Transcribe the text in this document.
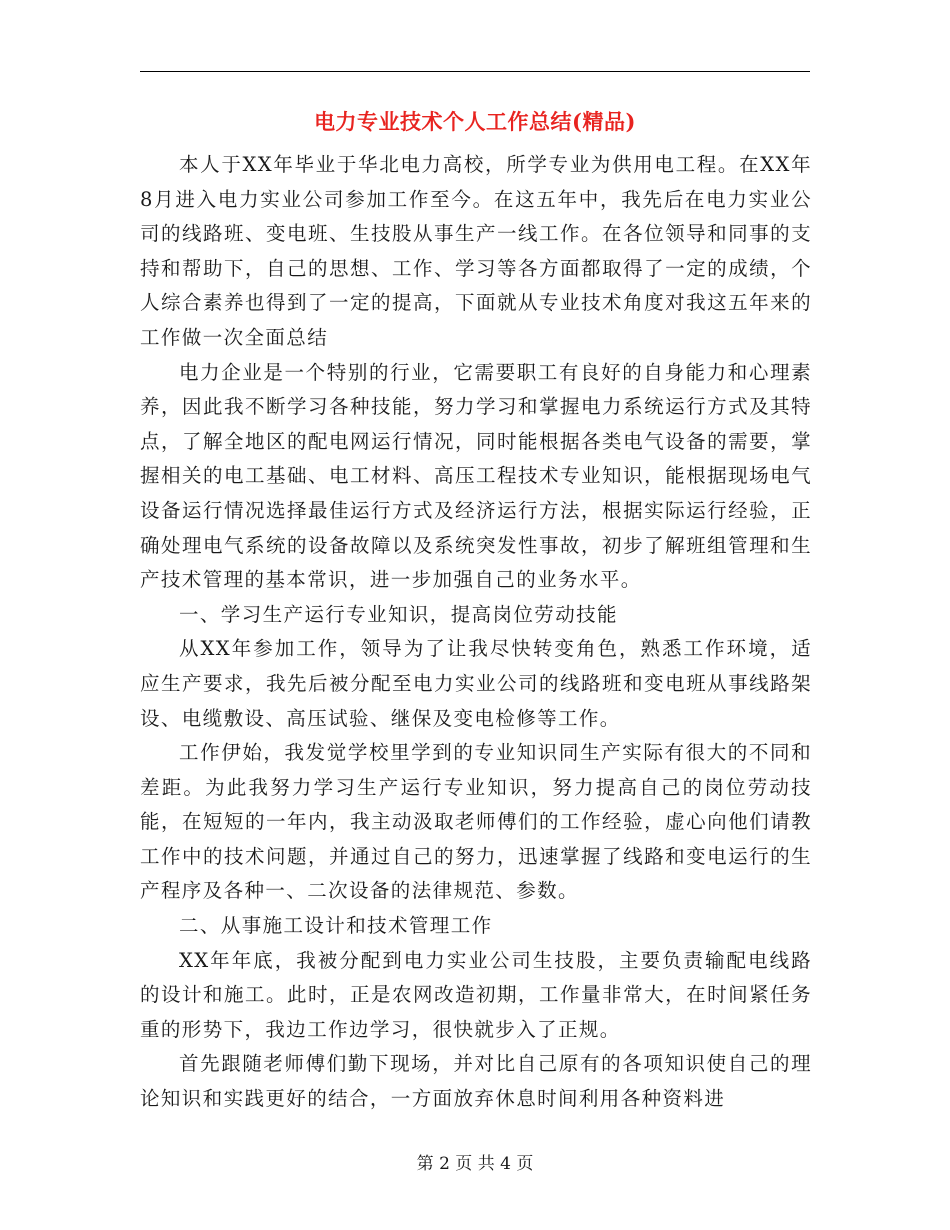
电力专业技术个人工作总结(精品)

本人于XX年毕业于华北电力高校，所学专业为供用电工程。在XX年8月进入电力实业公司参加工作至今。在这五年中，我先后在电力实业公司的线路班、变电班、生技股从事生产一线工作。在各位领导和同事的支持和帮助下，自己的思想、工作、学习等各方面都取得了一定的成绩，个人综合素养也得到了一定的提高，下面就从专业技术角度对我这五年来的工作做一次全面总结

电力企业是一个特别的行业，它需要职工有良好的自身能力和心理素养，因此我不断学习各种技能，努力学习和掌握电力系统运行方式及其特点，了解全地区的配电网运行情况，同时能根据各类电气设备的需要，掌握相关的电工基础、电工材料、高压工程技术专业知识，能根据现场电气设备运行情况选择最佳运行方式及经济运行方法，根据实际运行经验，正确处理电气系统的设备故障以及系统突发性事故，初步了解班组管理和生产技术管理的基本常识，进一步加强自己的业务水平。

一、学习生产运行专业知识，提高岗位劳动技能

从XX年参加工作，领导为了让我尽快转变角色，熟悉工作环境，适应生产要求，我先后被分配至电力实业公司的线路班和变电班从事线路架设、电缆敷设、高压试验、继保及变电检修等工作。

工作伊始，我发觉学校里学到的专业知识同生产实际有很大的不同和差距。为此我努力学习生产运行专业知识，努力提高自己的岗位劳动技能，在短短的一年内，我主动汲取老师傅们的工作经验，虚心向他们请教工作中的技术问题，并通过自己的努力，迅速掌握了线路和变电运行的生产程序及各种一、二次设备的法律规范、参数。

二、从事施工设计和技术管理工作

XX年年底，我被分配到电力实业公司生技股，主要负责输配电线路的设计和施工。此时，正是农网改造初期，工作量非常大，在时间紧任务重的形势下，我边工作边学习，很快就步入了正规。

首先跟随老师傅们勤下现场，并对比自己原有的各项知识使自己的理论知识和实践更好的结合，一方面放弃休息时间利用各种资料进

第 2 页 共 4 页
